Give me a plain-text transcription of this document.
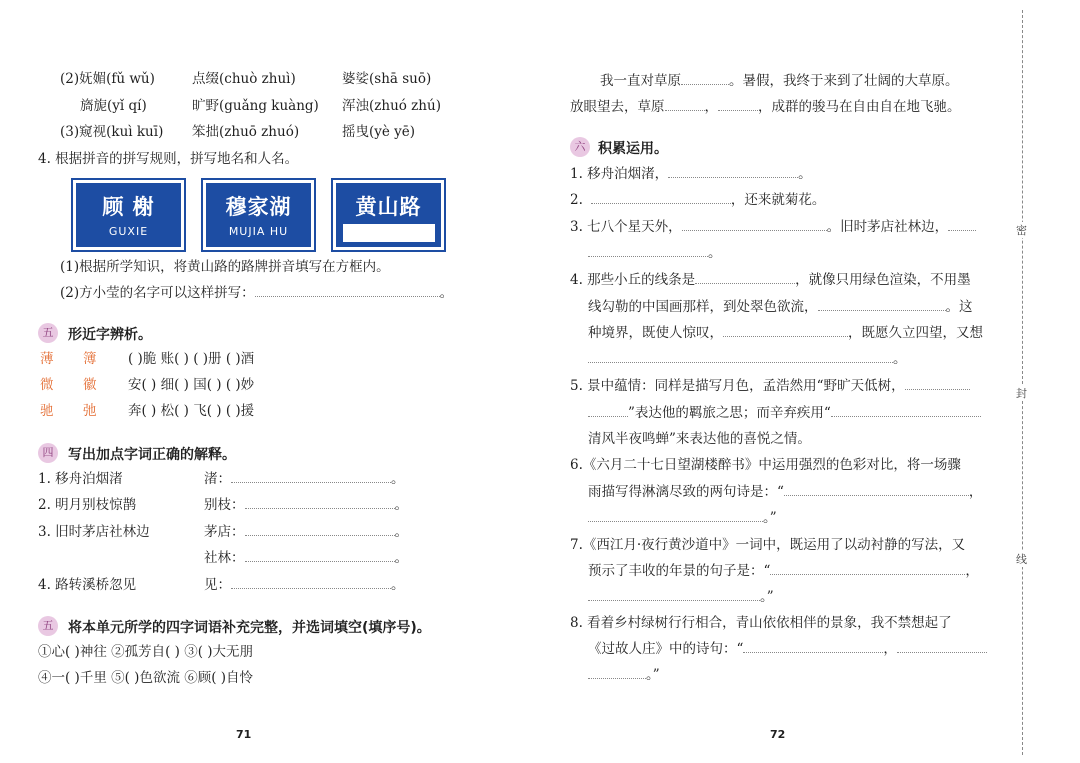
(2)妩媚(fǔ wǔ)	点缀(chuò zhuì)	婆娑(shā suō)
旖旎(yǐ qí)	旷野(guǎng kuàng) 浑浊(zhuó zhú)
(3)窥视(kuì kuī) 笨拙(zhuō zhuó)	摇曳(yè yē)
4. 根据拼音的拼写规则，拼写地名和人名。
顾 榭
GUXIE
穆家湖
MUJIA HU
黄山路
(1)根据所学知识，将黄山路的路牌拼音填写在方框内。
(2)方小莹的名字可以这样拼写：	。
五	形近字辨析。
薄 簿 ( )脆 账( ) ( )册 ( )酒
微 徽 安( ) 细( ) 国( ) ( )妙
驰 弛 奔( ) 松( ) 飞( ) ( )援
四	写出加点字词正确的解释。
1. 移舟泊烟渚	渚：	。
2. 明月别枝惊鹊	别枝：	。
3. 旧时茅店社林边	茅店：	。
社林：	。
4. 路转溪桥忽见	见：	。
五	将本单元所学的四字词语补充完整，并选词填空(填序号)。
①心( )神往 ②孤芳自( ) ③( )大无朋
④一( )千里 ⑤( )色欲流 ⑥顾( )自怜
71
我一直对草原	。暑假，我终于来到了壮阔的大草原。
放眼望去，草原	，	，成群的骏马在自由自在地飞驰。
六 积累运用。
1. 移舟泊烟渚，	。
2.	，还来就菊花。
3. 七八个星天外，	。旧时茅店社林边，
。
4. 那些小丘的线条是	，就像只用绿色渲染，不用墨
线勾勒的中国画那样，到处翠色欲流，	。这
种境界，既使人惊叹，	，既愿久立四望，又想
。
5. 景中蕴情：同样是描写月色，孟浩然用“野旷天低树，
”表达他的羁旅之思；而辛弃疾用“
清风半夜鸣蝉”来表达他的喜悦之情。
6.《六月二十七日望湖楼醉书》中运用强烈的色彩对比，将一场骤
雨描写得淋漓尽致的两句诗是：“	，
。”
7.《西江月·夜行黄沙道中》一词中，既运用了以动衬静的写法，又
预示了丰收的年景的句子是：“	，
。”
8. 看着乡村绿树行行相合，青山依依相伴的景象，我不禁想起了
《过故人庄》中的诗句：“	，
。”
72
密
封
线
